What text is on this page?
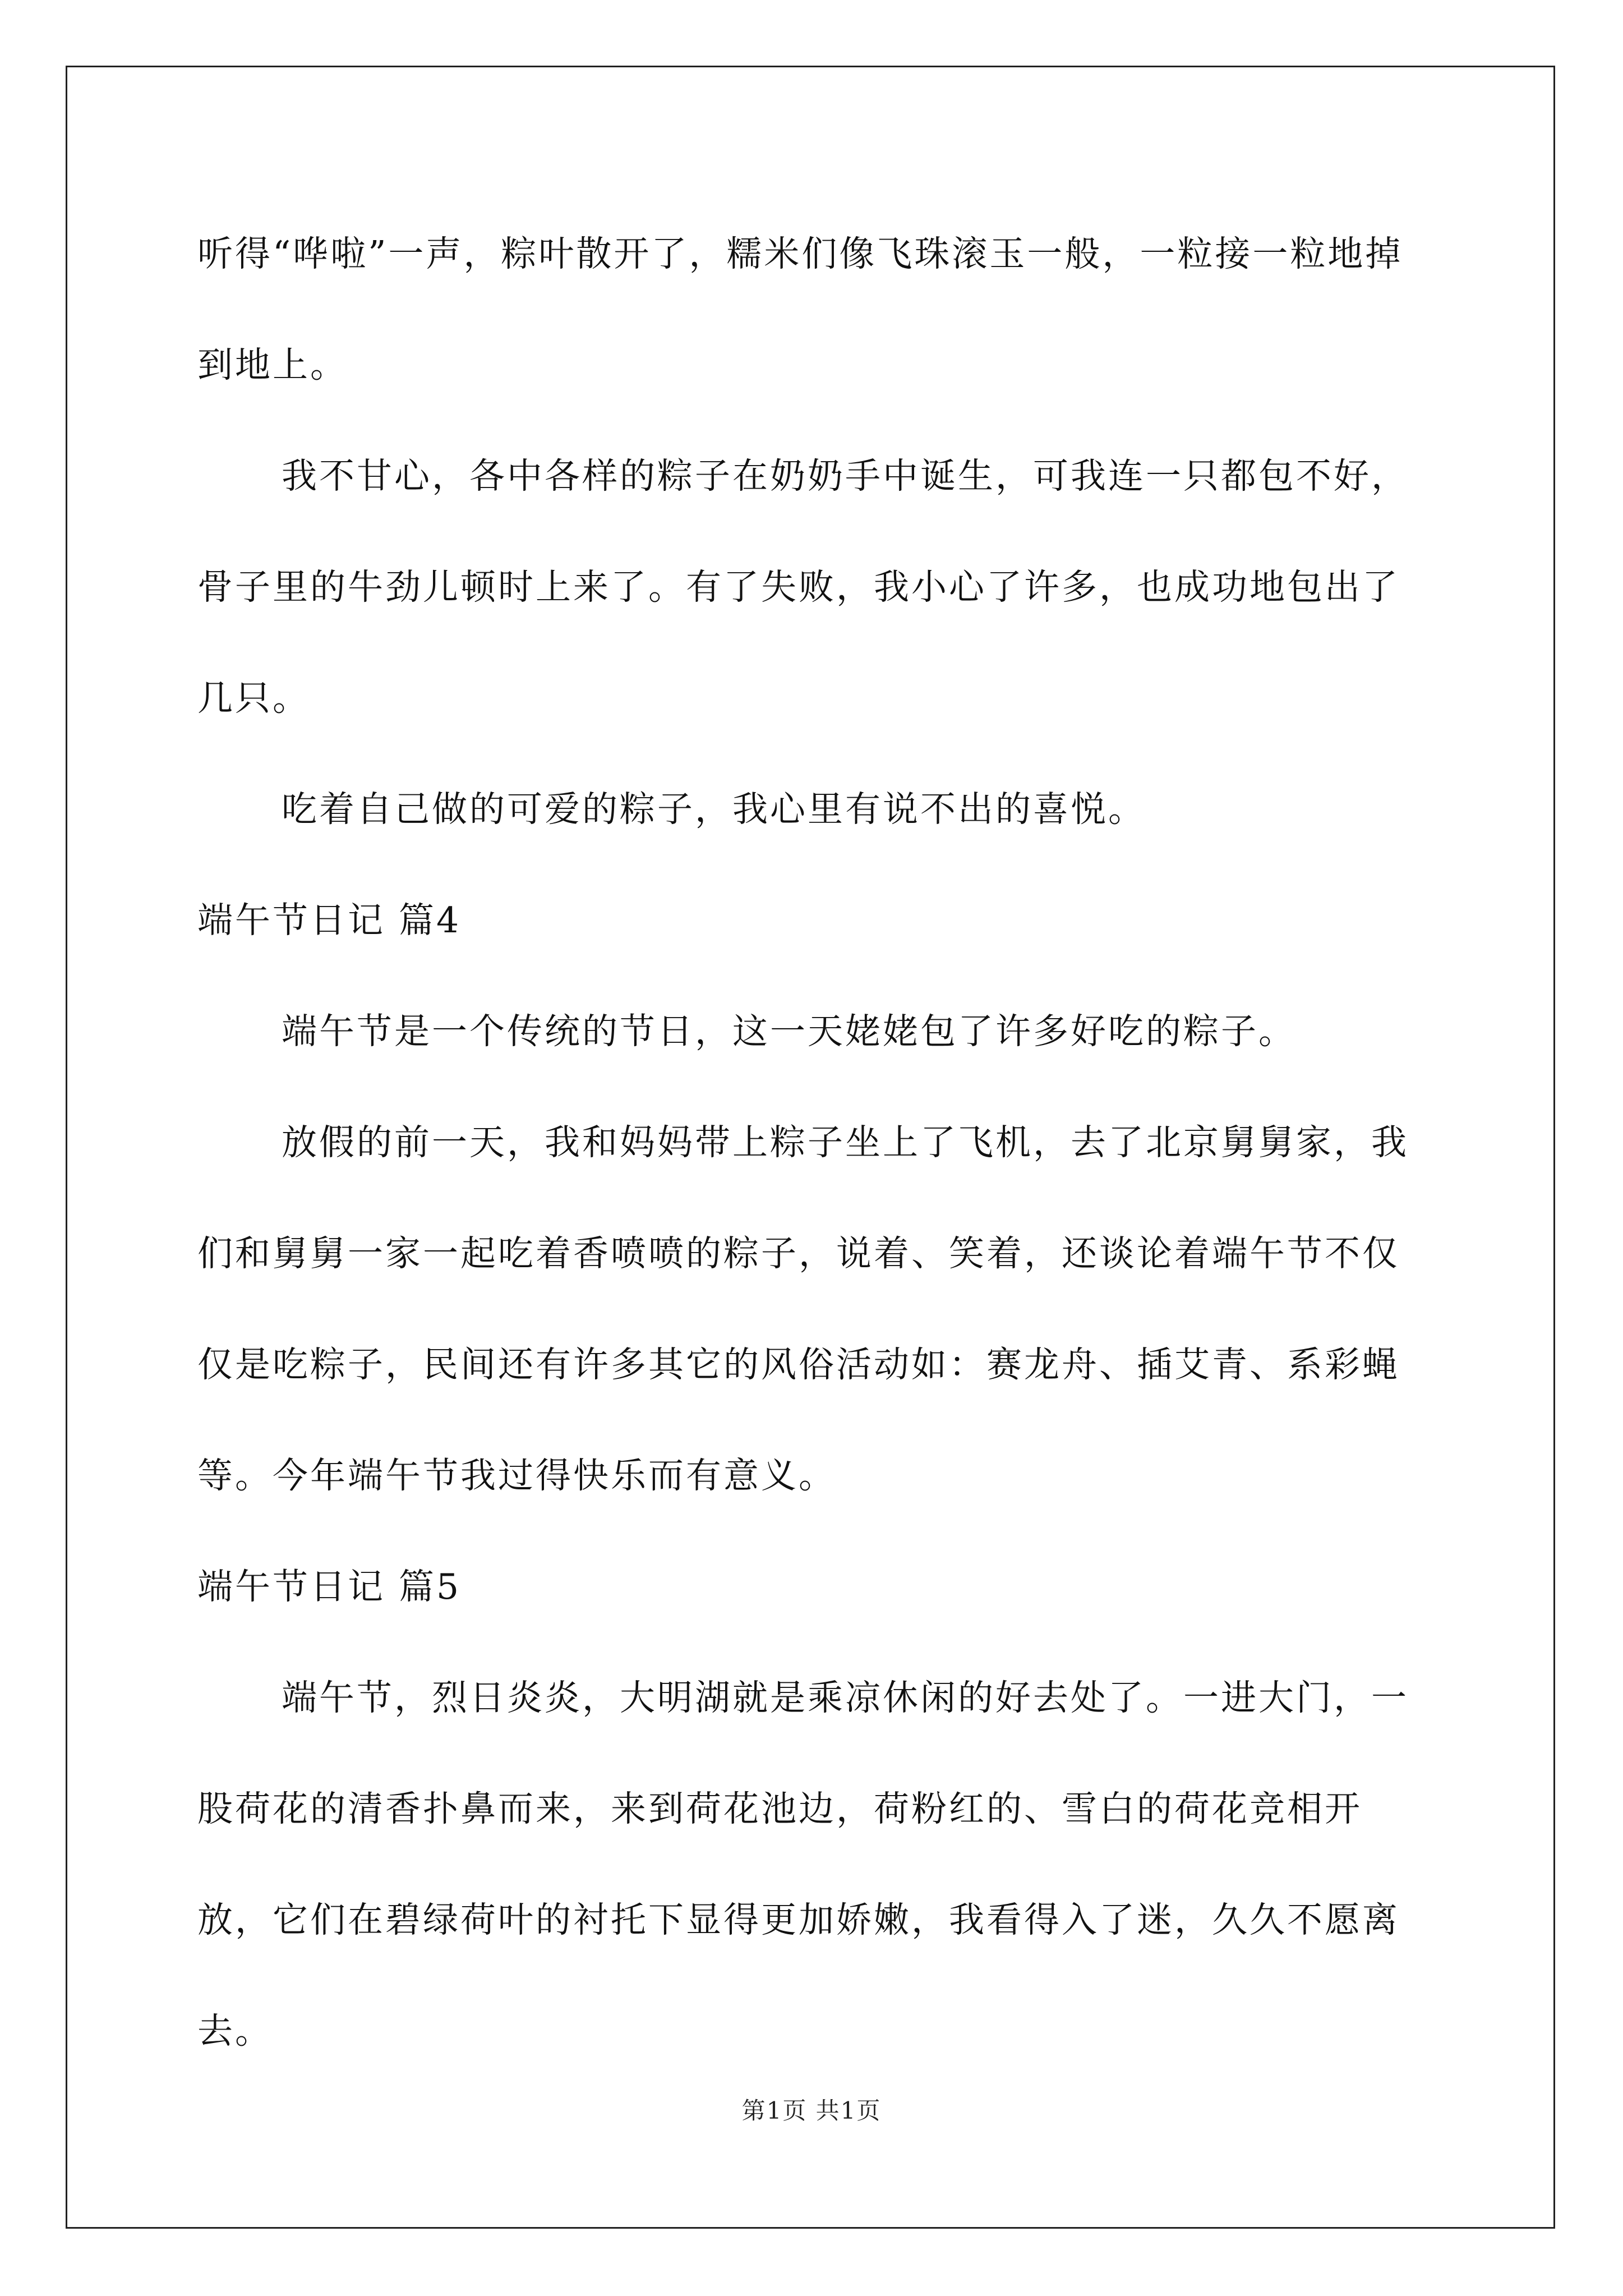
听得“哗啦”一声，粽叶散开了，糯米们像飞珠滚玉一般，一粒接一粒地掉到地上。

我不甘心，各中各样的粽子在奶奶手中诞生，可我连一只都包不好，骨子里的牛劲儿顿时上来了。有了失败，我小心了许多，也成功地包出了几只。

吃着自己做的可爱的粽子，我心里有说不出的喜悦。

端午节日记 篇4

端午节是一个传统的节日，这一天姥姥包了许多好吃的粽子。

放假的前一天，我和妈妈带上粽子坐上了飞机，去了北京舅舅家，我们和舅舅一家一起吃着香喷喷的粽子，说着、笑着，还谈论着端午节不仅仅是吃粽子，民间还有许多其它的风俗活动如：赛龙舟、插艾青、系彩蝇等。今年端午节我过得快乐而有意义。

端午节日记 篇5

端午节，烈日炎炎，大明湖就是乘凉休闲的好去处了。一进大门，一股荷花的清香扑鼻而来，来到荷花池边，荷粉红的、雪白的荷花竞相开放，它们在碧绿荷叶的衬托下显得更加娇嫩，我看得入了迷，久久不愿离去。

第1页 共1页
